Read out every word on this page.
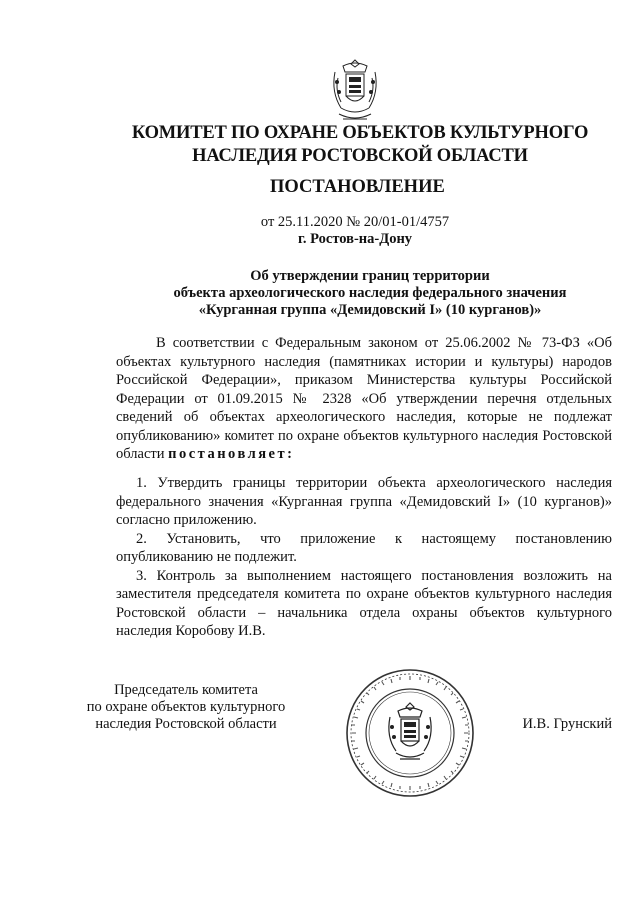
КОМИТЕТ ПО ОХРАНЕ ОБЪЕКТОВ КУЛЬТУРНОГО
НАСЛЕДИЯ РОСТОВСКОЙ ОБЛАСТИ
ПОСТАНОВЛЕНИЕ
от 25.11.2020 № 20/01-01/4757
г. Ростов-на-Дону
Об утверждении границ территории
объекта археологического наследия федерального значения
«Курганная группа «Демидовский I» (10 курганов)»
В соответствии с Федеральным законом от 25.06.2002 № 73-ФЗ «Об объектах культурного наследия (памятниках истории и культуры) народов Российской Федерации», приказом Министерства культуры Российской Федерации от 01.09.2015 № 2328 «Об утверждении перечня отдельных сведений об объектах археологического наследия, которые не подлежат опубликованию» комитет по охране объектов культурного наследия Ростовской области постановляет:

1. Утвердить границы территории объекта археологического наследия федерального значения «Курганная группа «Демидовский I» (10 курганов)» согласно приложению.

2. Установить, что приложение к настоящему постановлению опубликованию не подлежит.

3. Контроль за выполнением настоящего постановления возложить на заместителя председателя комитета по охране объектов культурного наследия Ростовской области – начальника отдела охраны объектов культурного наследия Коробову И.В.

Председатель комитета
по охране объектов культурного
наследия Ростовской области	И.В. Грунский
